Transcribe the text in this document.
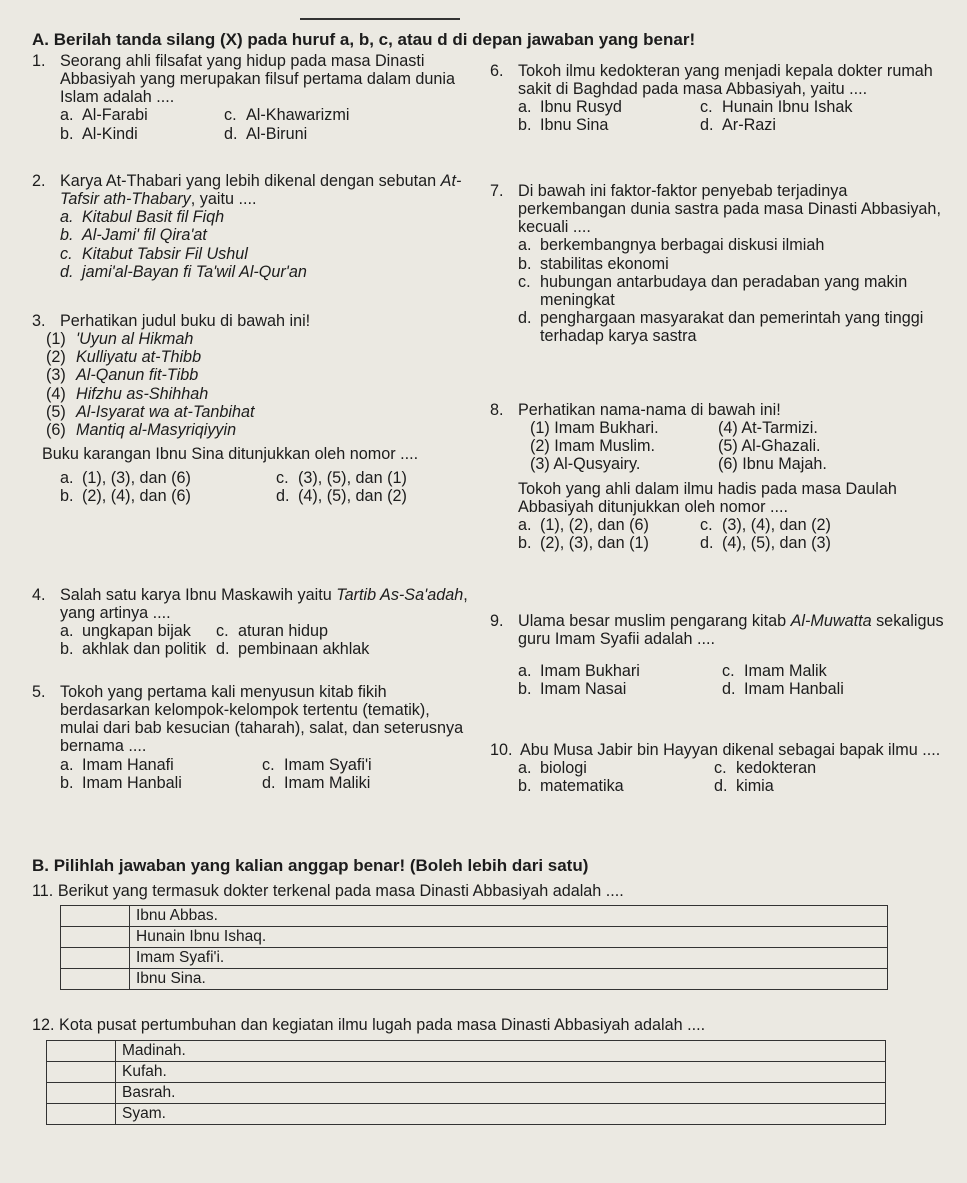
A. Berilah tanda silang (X) pada huruf a, b, c, atau d di depan jawaban yang benar!
1. Seorang ahli filsafat yang hidup pada masa Dinasti Abbasiyah yang merupakan filsuf pertama dalam dunia Islam adalah ....
a. Al-Farabi	c. Al-Khawarizmi
b. Al-Kindi	d. Al-Biruni
2. Karya At-Thabari yang lebih dikenal dengan sebutan At-Tafsir ath-Thabary, yaitu ....
a. Kitabul Basit fil Fiqh
b. Al-Jami' fil Qira'at
c. Kitabut Tabsir Fil Ushul
d. jami'al-Bayan fi Ta'wil Al-Qur'an
3. Perhatikan judul buku di bawah ini!
(1) 'Uyun al Hikmah
(2) Kulliyatu at-Thibb
(3) Al-Qanun fit-Tibb
(4) Hifzhu as-Shihhah
(5) Al-Isyarat wa at-Tanbihat
(6) Mantiq al-Masyriqiyyin
Buku karangan Ibnu Sina ditunjukkan oleh nomor ....
a. (1), (3), dan (6)	c. (3), (5), dan (1)
b. (2), (4), dan (6)	d. (4), (5), dan (2)
4. Salah satu karya Ibnu Maskawih yaitu Tartib As-Sa'adah, yang artinya ....
a. ungkapan bijak	c. aturan hidup
b. akhlak dan politik d. pembinaan akhlak
5. Tokoh yang pertama kali menyusun kitab fikih berdasarkan kelompok-kelompok tertentu (tematik), mulai dari bab kesucian (taharah), salat, dan seterusnya bernama ....
a. Imam Hanafi	c. Imam Syafi'i
b. Imam Hanbali	d. Imam Maliki
6. Tokoh ilmu kedokteran yang menjadi kepala dokter rumah sakit di Baghdad pada masa Abbasiyah, yaitu ....
a. Ibnu Rusyd	c. Hunain Ibnu Ishak
b. Ibnu Sina	d. Ar-Razi
7. Di bawah ini faktor-faktor penyebab terjadinya perkembangan dunia sastra pada masa Dinasti Abbasiyah, kecuali ....
a. berkembangnya berbagai diskusi ilmiah
b. stabilitas ekonomi
c. hubungan antarbudaya dan peradaban yang makin meningkat
d. penghargaan masyarakat dan pemerintah yang tinggi terhadap karya sastra
8. Perhatikan nama-nama di bawah ini!
(1) Imam Bukhari.	(4) At-Tarmizi.
(2) Imam Muslim.	(5) Al-Ghazali.
(3) Al-Qusyairy.	(6) Ibnu Majah.
Tokoh yang ahli dalam ilmu hadis pada masa Daulah Abbasiyah ditunjukkan oleh nomor ....
a. (1), (2), dan (6)	c. (3), (4), dan (2)
b. (2), (3), dan (1)	d. (4), (5), dan (3)
9. Ulama besar muslim pengarang kitab Al-Muwatta sekaligus guru Imam Syafii adalah ....
a. Imam Bukhari	c. Imam Malik
b. Imam Nasai	d. Imam Hanbali
10. Abu Musa Jabir bin Hayyan dikenal sebagai bapak ilmu ....
a. biologi	c. kedokteran
b. matematika	d. kimia
B. Pilihlah jawaban yang kalian anggap benar! (Boleh lebih dari satu)
11. Berikut yang termasuk dokter terkenal pada masa Dinasti Abbasiyah adalah ....
	Ibnu Abbas.
	Hunain Ibnu Ishaq.
	Imam Syafi'i.
	Ibnu Sina.
12. Kota pusat pertumbuhan dan kegiatan ilmu lugah pada masa Dinasti Abbasiyah adalah ....
	Madinah.
	Kufah.
	Basrah.
	Syam.
